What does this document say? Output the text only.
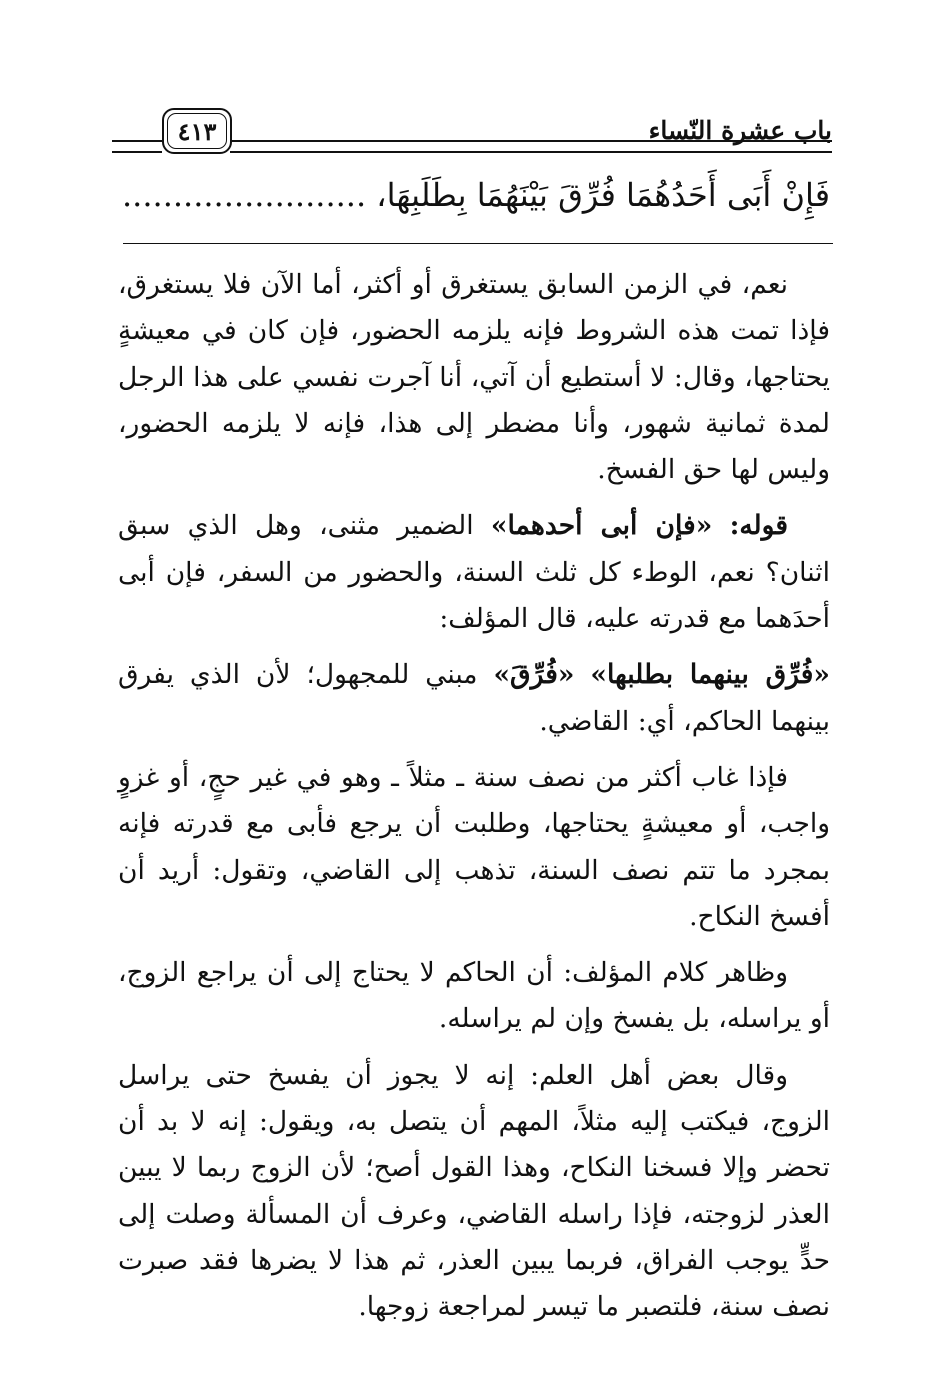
باب عشرة النّساء
٤١٣
فَإِنْ أَبَى أَحَدُهُمَا فُرِّقَ بَيْنَهُمَا بِطَلَبِهَا، ........................

نعم، في الزمن السابق يستغرق أو أكثر، أما الآن فلا يستغرق، فإذا تمت هذه الشروط فإنه يلزمه الحضور، فإن كان في معيشةٍ يحتاجها، وقال: لا أستطيع أن آتي، أنا آجرت نفسي على هذا الرجل لمدة ثمانية شهور، وأنا مضطر إلى هذا، فإنه لا يلزمه الحضور، وليس لها حق الفسخ.

قوله: «فإن أبى أحدهما» الضمير مثنى، وهل الذي سبق اثنان؟ نعم، الوطء كل ثلث السنة، والحضور من السفر، فإن أبى أحدَهما مع قدرته عليه، قال المؤلف:

«فُرِّق بينهما بطلبها» «فُرِّقَ» مبني للمجهول؛ لأن الذي يفرق بينهما الحاكم، أي: القاضي.

فإذا غاب أكثر من نصف سنة ـ مثلاً ـ وهو في غير حجٍ، أو غزوٍ واجب، أو معيشةٍ يحتاجها، وطلبت أن يرجع فأبى مع قدرته فإنه بمجرد ما تتم نصف السنة، تذهب إلى القاضي، وتقول: أريد أن أفسخ النكاح.

وظاهر كلام المؤلف: أن الحاكم لا يحتاج إلى أن يراجع الزوج، أو يراسله، بل يفسخ وإن لم يراسله.

وقال بعض أهل العلم: إنه لا يجوز أن يفسخ حتى يراسل الزوج، فيكتب إليه مثلاً، المهم أن يتصل به، ويقول: إنه لا بد أن تحضر وإلا فسخنا النكاح، وهذا القول أصح؛ لأن الزوج ربما لا يبين العذر لزوجته، فإذا راسله القاضي، وعرف أن المسألة وصلت إلى حدٍّ يوجب الفراق، فربما يبين العذر، ثم هذا لا يضرها فقد صبرت نصف سنة، فلتصبر ما تيسر لمراجعة زوجها.
